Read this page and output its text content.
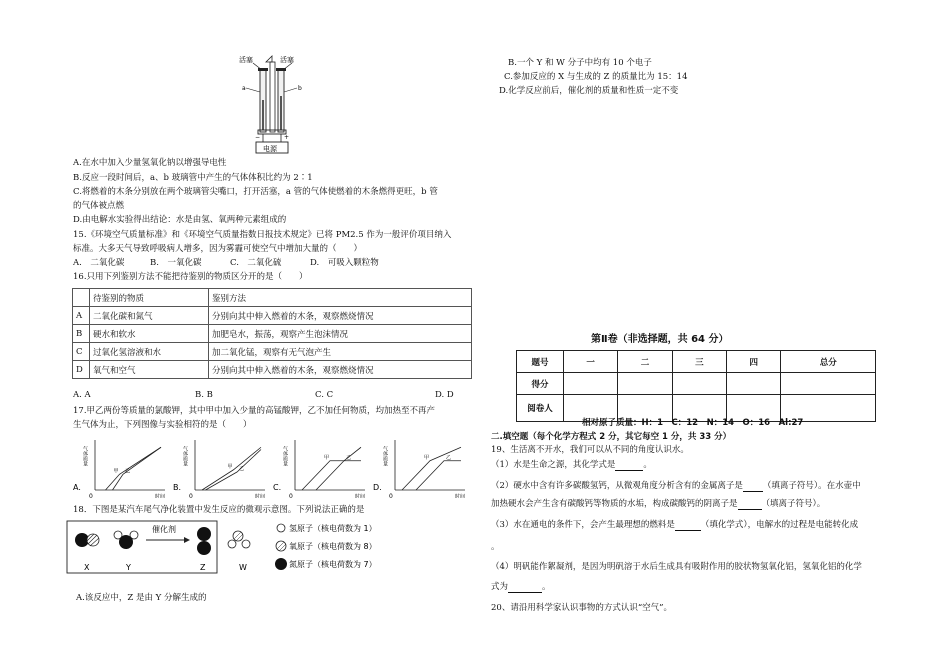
活塞	活塞
a	b
−	+
电源
A.在水中加入少量氢氧化钠以增强导电性
B.反应一段时间后，a、b 玻璃管中产生的气体体积比约为 2∶1
C.将燃着的木条分别放在两个玻璃管尖嘴口，打开活塞，a 管的气体使燃着的木条燃得更旺，b 管
的气体被点燃
D.由电解水实验得出结论：水是由氢、氧两种元素组成的
15.《环境空气质量标准》和《环境空气质量指数日报技术规定》已将 PM2.5 作为一般评价项目纳入
标准。大多天气导致呼吸病人增多，因为雾霾可使空气中增加大量的（　　）
A.　二氧化碳	B.　一氧化碳	C.　二氧化硫	D.　可吸入颗粒物
16.只用下列鉴别方法不能把待鉴别的物质区分开的是（　　）
	待鉴别的物质	鉴别方法
A	二氧化碳和氮气	分别向其中伸入燃着的木条，观察燃烧情况
B	硬水和软水	加肥皂水，振荡，观察产生泡沫情况
C	过氧化氢溶液和水	加二氧化锰，观察有无气泡产生
D	氧气和空气	分别向其中伸入燃着的木条，观察燃烧情况
A. A	B. B	C. C	D. D
17.甲乙两份等质量的氯酸钾，其中甲中加入少量的高锰酸钾，乙不加任何物质，均加热至不再产
生气体为止，下列图像与实验相符的是（　　）
A.
气体质量
时间
0
甲 乙
B.
气体质量
时间
0
甲 乙
C.
气体质量
时间
0
甲	乙
D.
气体质量
时间
0
甲	乙
18．下图是某汽车尾气净化装置中发生反应的微观示意图。下列说法正确的是
催化剂
X	Y	Z	W
氢原子（核电荷数为 1）
氧原子（核电荷数为 8）
氮原子（核电荷数为 7）
A.该反应中，Z 是由 Y 分解生成的
B.一个 Y 和 W 分子中均有 10 个电子
C.参加反应的 X 与生成的 Z 的质量比为 15：14
D.化学反应前后，催化剂的质量和性质一定不变
第Ⅱ卷（非选择题，共 64 分）
题号	一	二	三	四	总分
得分					
阅卷人					
相对原子质量：H：1　C：12　N：14　O：16　Al:27
二.填空题（每个化学方程式 2 分，其它每空 1 分，共 33 分）
19、生活离不开水，我们可以从不同的角度认识水。
（1）水是生命之源，其化学式是	。
（2）硬水中含有许多碳酸氢钙，从微观角度分析含有的金属离子是 （填离子符号）。在水壶中
加热硬水会产生含有碳酸钙等物质的水垢，构成碳酸钙的阴离子是	（填离子符号）。
（3）水在通电的条件下，会产生最理想的燃料是	（填化学式），电解水的过程是电能转化成
。
（4）明矾能作絮凝剂，是因为明矾溶于水后生成具有吸附作用的胶状物氢氧化铝，氢氧化铝的化学
式为	。
20、请沿用科学家认识事物的方式认识“空气”。
